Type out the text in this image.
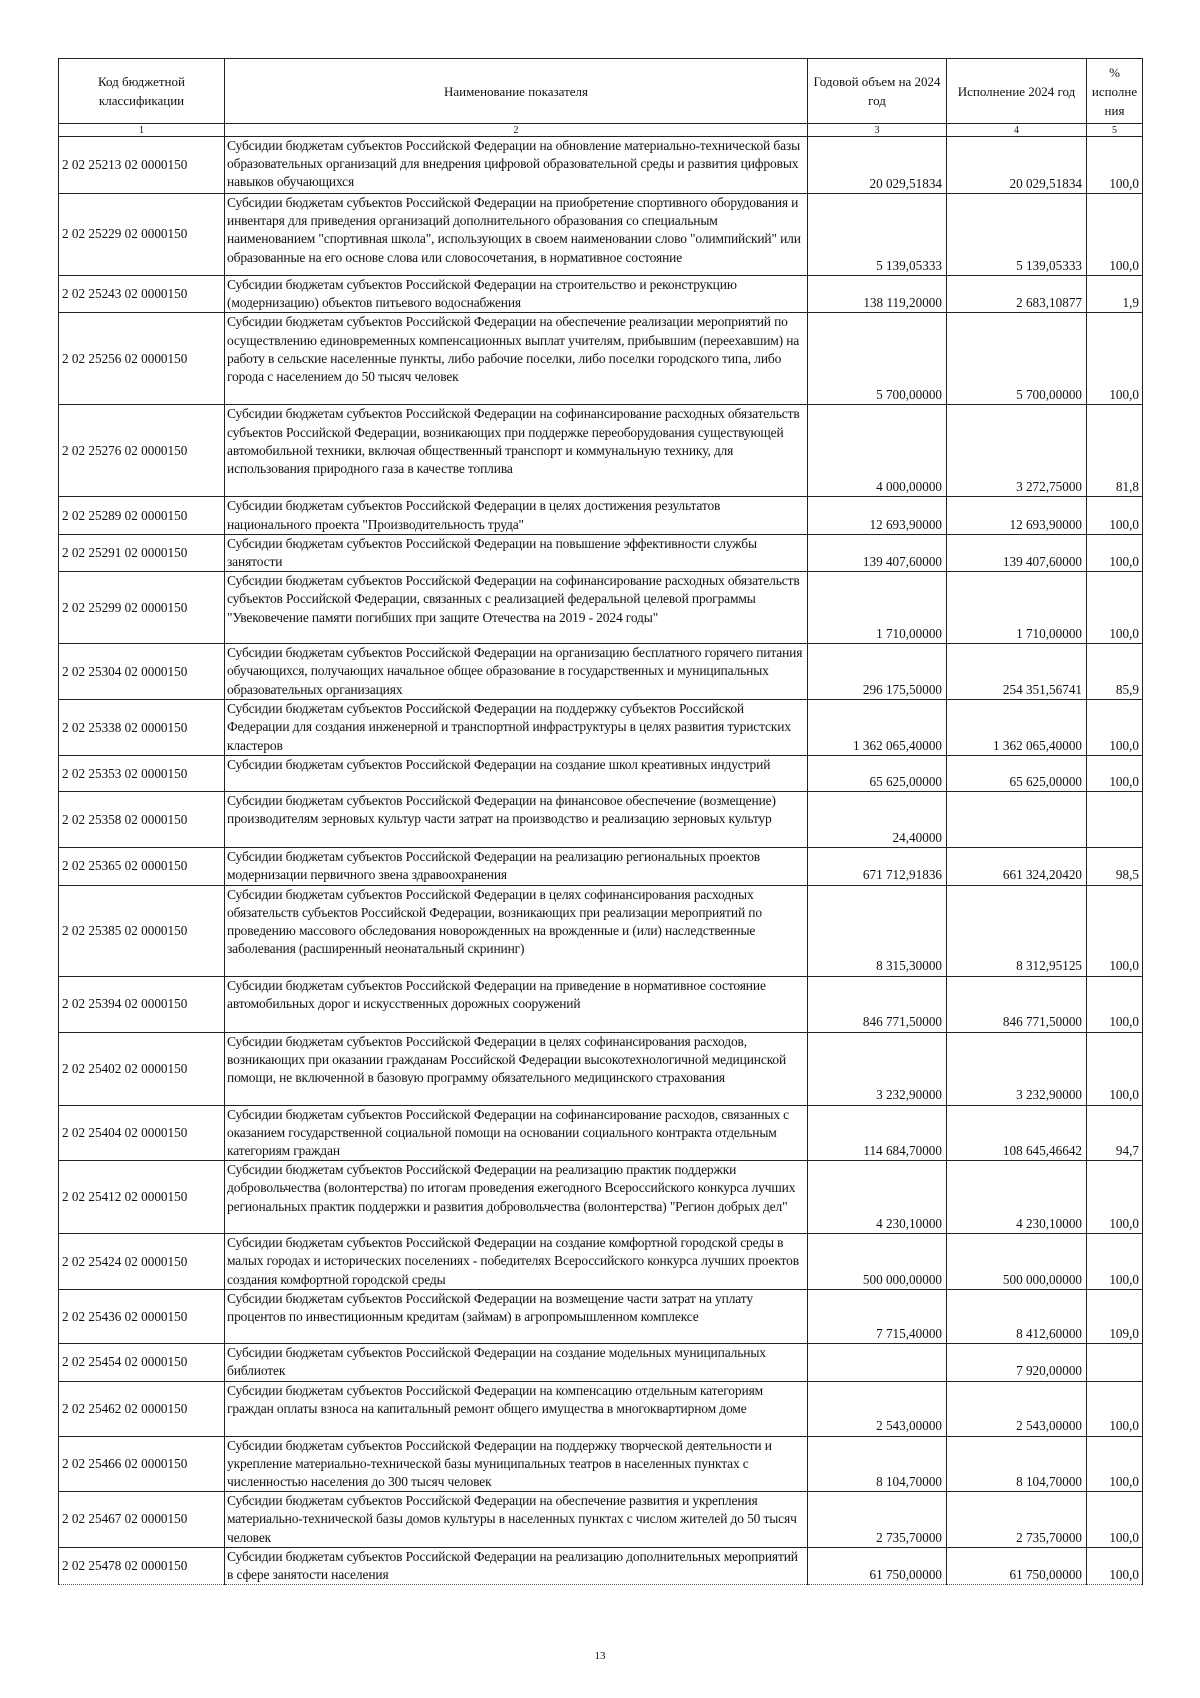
Код бюджетной классификации	Наименование показателя	Годовой объем на 2024 год	Исполнение 2024 год	% исполне ния
1	2	3	4	5
2 02 25213 02 0000150	Субсидии бюджетам субъектов Российской Федерации на обновление материально-технической базы образовательных организаций для внедрения цифровой образовательной среды и развития цифровых навыков обучающихся	20 029,51834	20 029,51834	100,0
2 02 25229 02 0000150	Субсидии бюджетам субъектов Российской Федерации на приобретение спортивного оборудования и инвентаря для приведения организаций дополнительного образования со специальным наименованием "спортивная школа", использующих в своем наименовании слово "олимпийский" или образованные на его основе слова или словосочетания, в нормативное состояние	5 139,05333	5 139,05333	100,0
2 02 25243 02 0000150	Субсидии бюджетам субъектов Российской Федерации на строительство и реконструкцию (модернизацию) объектов питьевого водоснабжения	138 119,20000	2 683,10877	1,9
2 02 25256 02 0000150	Субсидии бюджетам субъектов Российской Федерации на обеспечение реализации мероприятий по осуществлению единовременных компенсационных выплат учителям, прибывшим (переехавшим) на работу в сельские населенные пункты, либо рабочие поселки, либо поселки городского типа, либо города с населением до 50 тысяч человек	5 700,00000	5 700,00000	100,0
2 02 25276 02 0000150	Субсидии бюджетам субъектов Российской Федерации на софинансирование расходных обязательств субъектов Российской Федерации, возникающих при поддержке переоборудования существующей автомобильной техники, включая общественный транспорт и коммунальную технику, для использования природного газа в качестве топлива	4 000,00000	3 272,75000	81,8
2 02 25289 02 0000150	Субсидии бюджетам субъектов Российской Федерации в целях достижения результатов национального проекта "Производительность труда"	12 693,90000	12 693,90000	100,0
2 02 25291 02 0000150	Субсидии бюджетам субъектов Российской Федерации на повышение эффективности службы занятости	139 407,60000	139 407,60000	100,0
2 02 25299 02 0000150	Субсидии бюджетам субъектов Российской Федерации на софинансирование расходных обязательств субъектов Российской Федерации, связанных с реализацией федеральной целевой программы "Увековечение памяти погибших при защите Отечества на 2019 - 2024 годы"	1 710,00000	1 710,00000	100,0
2 02 25304 02 0000150	Субсидии бюджетам субъектов Российской Федерации на организацию бесплатного горячего питания обучающихся, получающих начальное общее образование в государственных и муниципальных образовательных организациях	296 175,50000	254 351,56741	85,9
2 02 25338 02 0000150	Субсидии бюджетам субъектов Российской Федерации на поддержку субъектов Российской Федерации для создания инженерной и транспортной инфраструктуры в целях развития туристских кластеров	1 362 065,40000	1 362 065,40000	100,0
2 02 25353 02 0000150	Субсидии бюджетам субъектов Российской Федерации на создание школ креативных индустрий	65 625,00000	65 625,00000	100,0
2 02 25358 02 0000150	Субсидии бюджетам субъектов Российской Федерации на финансовое обеспечение (возмещение) производителям зерновых культур части затрат на производство и реализацию зерновых культур	24,40000		
2 02 25365 02 0000150	Субсидии бюджетам субъектов Российской Федерации на реализацию региональных проектов модернизации первичного звена здравоохранения	671 712,91836	661 324,20420	98,5
2 02 25385 02 0000150	Субсидии бюджетам субъектов Российской Федерации в целях софинансирования расходных обязательств субъектов Российской Федерации, возникающих при реализации мероприятий по проведению массового обследования новорожденных на врожденные и (или) наследственные заболевания (расширенный неонатальный скрининг)	8 315,30000	8 312,95125	100,0
2 02 25394 02 0000150	Субсидии бюджетам субъектов Российской Федерации на приведение в нормативное состояние автомобильных дорог и искусственных дорожных сооружений	846 771,50000	846 771,50000	100,0
2 02 25402 02 0000150	Субсидии бюджетам субъектов Российской Федерации в целях софинансирования расходов, возникающих при оказании гражданам Российской Федерации высокотехнологичной медицинской помощи, не включенной в базовую программу обязательного медицинского страхования	3 232,90000	3 232,90000	100,0
2 02 25404 02 0000150	Субсидии бюджетам субъектов Российской Федерации на софинансирование расходов, связанных с оказанием государственной социальной помощи на основании социального контракта отдельным категориям граждан	114 684,70000	108 645,46642	94,7
2 02 25412 02 0000150	Субсидии бюджетам субъектов Российской Федерации на реализацию практик поддержки добровольчества (волонтерства) по итогам проведения ежегодного Всероссийского конкурса лучших региональных практик поддержки и развития добровольчества (волонтерства) "Регион добрых дел"	4 230,10000	4 230,10000	100,0
2 02 25424 02 0000150	Субсидии бюджетам субъектов Российской Федерации на создание комфортной городской среды в малых городах и исторических поселениях - победителях Всероссийского конкурса лучших проектов создания комфортной городской среды	500 000,00000	500 000,00000	100,0
2 02 25436 02 0000150	Субсидии бюджетам субъектов Российской Федерации на возмещение части затрат на уплату процентов по инвестиционным кредитам (займам) в агропромышленном комплексе	7 715,40000	8 412,60000	109,0
2 02 25454 02 0000150	Субсидии бюджетам субъектов Российской Федерации на создание модельных муниципальных библиотек		7 920,00000	
2 02 25462 02 0000150	Субсидии бюджетам субъектов Российской Федерации на компенсацию отдельным категориям граждан оплаты взноса на капитальный ремонт общего имущества в многоквартирном доме	2 543,00000	2 543,00000	100,0
2 02 25466 02 0000150	Субсидии бюджетам субъектов Российской Федерации на поддержку творческой деятельности и укрепление материально-технической базы муниципальных театров в населенных пунктах с численностью населения до 300 тысяч человек	8 104,70000	8 104,70000	100,0
2 02 25467 02 0000150	Субсидии бюджетам субъектов Российской Федерации на обеспечение развития и укрепления материально-технической базы домов культуры в населенных пунктах с числом жителей до 50 тысяч человек	2 735,70000	2 735,70000	100,0
2 02 25478 02 0000150	Субсидии бюджетам субъектов Российской Федерации на реализацию дополнительных мероприятий в сфере занятости населения	61 750,00000	61 750,00000	100,0
13
